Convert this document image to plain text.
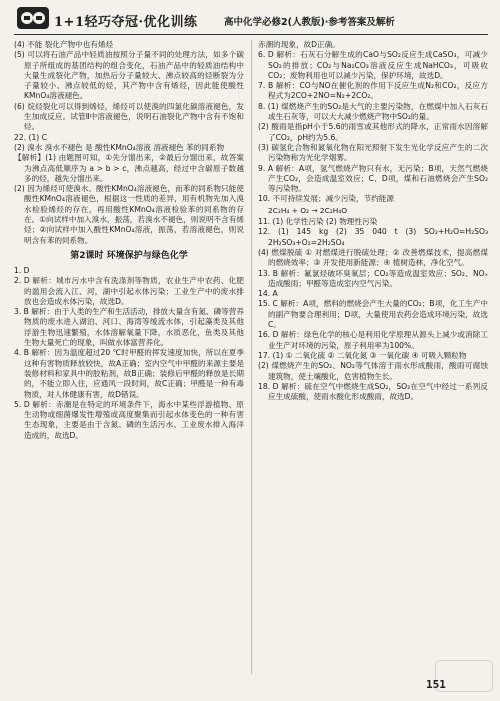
1+1轻巧夺冠·优化训练	高中化学必修2(人教版)·参考答案及解析

(4) 不能 裂化产物中也有烯烃

(5) 可以将石油产品中轻质油按照分子量不同的处理方法，如多个碳原子所组成的基团结构的组合变化，石油产品中的轻质油结构中大量生成裂化产物，加热后分子量较大、沸点较高的烃断裂为分子量较小、沸点较低的烃，其产物中含有烯烃，因此能使酸性KMnO₄溶液褪色。

(6) 烷烃裂化可以得到烯烃，烯烃可以使溴的四氯化碳溶液褪色，发生加成反应。试管Ⅱ中溶液褪色，说明石油裂化产物中含有不饱和烃。

22. (1) C

(2) 溴水 溴水不褪色 是 酸性KMnO₄溶液 溶液褪色 苯的同系物

【解析】(1) 由题图可知，①先分馏出来，②最后分馏出来，故答案为沸点高低顺序为 a > b > c，沸点越高，经过中含碳原子数越多的烃，越先分馏出来。

(2) 因为烯烃可使溴水、酸性KMnO₄溶液褪色，而苯的同系物只能使酸性KMnO₄溶液褪色，根据这一性质的差异，用有机物先加入溴水检验烯烃的存在，再用酸性KMnO₄溶液检验苯的同系物的存在。①向试样中加入溴水，振荡，若溴水不褪色，则说明不含有烯烃；②向试样中加入酸性KMnO₄溶液，振荡，若溶液褪色，则说明含有苯的同系物。

第2课时 环境保护与绿色化学

1. D

2. D 解析：城市污水中含有洗涤剂等物质，农业生产中农药、化肥的滥用会流入江、河，湖中引起水体污染；工业生产中的废水排放也会造成水体污染，故选D。

3. B 解析：由于人类的生产和生活活动，排放大量含有氮、磷等营养物质的废水进入湖泊、河口、海湾等缓流水体，引起藻类及其他浮游生物迅速繁殖，水体溶解氧量下降，水质恶化，鱼类及其他生物大量死亡的现象，叫做水体富营养化。

4. B 解析：因为温度超过20 ℃时甲醛的挥发速度加快，所以在夏季这种有害物质释放较快，故A正确；室内空气中甲醛的来源主要是装修材料和家具中的胶粘剂，故B正确；装修后甲醛的释放是长期的，不能立即入住，应通风一段时间，故C正确；甲醛是一种有毒物质，对人体健康有害，故D错误。

5. D 解析：赤潮是在特定的环境条件下，海水中某些浮游植物、原生动物或细菌爆发性增殖或高度聚集而引起水体变色的一种有害生态现象，主要是由于含氮、磷的生活污水、工业废水排入海洋造成的，故选D。

赤潮的现象，故D正确。

6. D 解析：石灰石分解生成的CaO与SO₂反应生成CaSO₃，可减少SO₂的排放；CO₂与Na₂CO₃溶液反应生成NaHCO₃，可吸收CO₂；废物利用也可以减少污染，保护环境，故选D。

7. B 解析：CO与NO在催化剂的作用下反应生成N₂和CO₂，反应方程式为2CO+2NO=N₂+2CO₂。

8. (1) 煤燃烧产生的SO₂是大气的主要污染物，在燃煤中加入石灰石或生石灰等，可以大大减少燃烧产物中SO₂的量。

(2) 酸雨是指pH小于5.6的雨雪或其他形式的降水，正常雨水因溶解了CO₂，pH约为5.6。

(3) 碳氢化合物和氮氧化物在阳光照射下发生光化学反应产生的二次污染物称为光化学烟雾。

9. A 解析：A项，氢气燃烧产物只有水，无污染；B项，天然气燃烧产生CO₂，会造成温室效应；C、D项，煤和石油燃烧会产生SO₂等污染物。

10. 不可持续发展；减少污染，节约能源

2C₂H₄ + O₂ → 2C₂H₄O

11. (1) 化学性污染 (2) 物理性污染

12. (1) 145 kg (2) 35 040 t (3) SO₂+H₂O=H₂SO₃ 2H₂SO₃+O₂=2H₂SO₄

(4) 燃煤脱硫 ① 对燃煤进行脱硫处理；② 改善燃煤技术，提高燃煤的燃烧效率；③ 开发使用新能源；④ 植树造林，净化空气。

13. B 解析：氟氯烃破坏臭氧层；CO₂等造成温室效应；SO₂、NOₓ造成酸雨；甲醛等造成室内空气污染。

14. A

15. C 解析：A项，燃料的燃烧会产生大量的CO₂；B项，化工生产中的副产物要合理利用；D项，大量使用农药会造成环境污染，故选C。

16. D 解析：绿色化学的核心是利用化学原理从源头上减少或消除工业生产对环境的污染，原子利用率为100%。

17. (1) ① 二氧化硫 ② 二氧化氮 ③ 一氧化碳 ④ 可吸入颗粒物

(2) 煤燃烧产生的SO₂、NO₂等气体溶于雨水形成酸雨，酸雨可腐蚀建筑物，使土壤酸化，危害植物生长。

18. D 解析：硫在空气中燃烧生成SO₂，SO₂在空气中经过一系列反应生成硫酸，使雨水酸化形成酸雨，故选D。

151
